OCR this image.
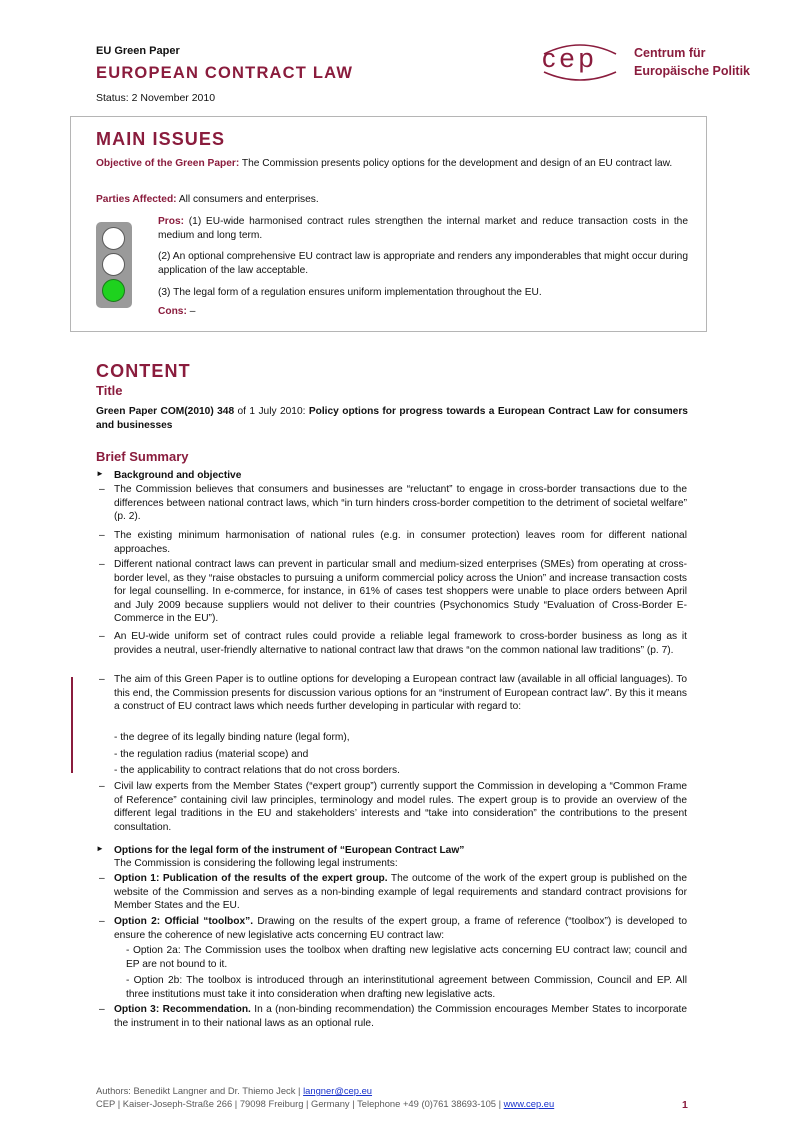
EU Green Paper
EUROPEAN CONTRACT LAW
Status: 2 November 2010
cep	Centrum für
Europäische Politik
MAIN ISSUES
Objective of the Green Paper: The Commission presents policy options for the development and design of an EU contract law.
Parties Affected: All consumers and enterprises.
Pros: (1) EU-wide harmonised contract rules strengthen the internal market and reduce transaction costs in the medium and long term.
(2) An optional comprehensive EU contract law is appropriate and renders any imponderables that might occur during application of the law acceptable.
(3) The legal form of a regulation ensures uniform implementation throughout the EU.
Cons: –
CONTENT
Title
Green Paper COM(2010) 348 of 1 July 2010: Policy options for progress towards a European Contract Law for consumers and businesses
Brief Summary
► Background and objective
– The Commission believes that consumers and businesses are “reluctant” to engage in cross-border transactions due to the differences between national contract laws, which “in turn hinders cross-border competition to the detriment of societal welfare” (p. 2).
– The existing minimum harmonisation of national rules (e.g. in consumer protection) leaves room for different national approaches.
– Different national contract laws can prevent in particular small and medium-sized enterprises (SMEs) from operating at cross-border level, as they “raise obstacles to pursuing a uniform commercial policy across the Union” and increase transaction costs for legal counselling. In e-commerce, for instance, in 61% of cases test shoppers were unable to place orders between April and July 2009 because suppliers would not deliver to their countries (Psychonomics Study “Evaluation of Cross-Border E-Commerce in the EU”).
– An EU-wide uniform set of contract rules could provide a reliable legal framework to cross-border business as long as it provides a neutral, user-friendly alternative to national contract law that draws “on the common national law traditions” (p. 7).
– The aim of this Green Paper is to outline options for developing a European contract law (available in all official languages). To this end, the Commission presents for discussion various options for an “instrument of European contract law”. By this it means a construct of EU contract laws which needs further developing in particular with regard to:
- the degree of its legally binding nature (legal form),
- the regulation radius (material scope) and
- the applicability to contract relations that do not cross borders.
– Civil law experts from the Member States (“expert group”) currently support the Commission in developing a “Common Frame of Reference” containing civil law principles, terminology and model rules. The expert group is to provide an overview of the different legal traditions in the EU and stakeholders’ interests and “take into consideration” the contributions to the present consultation.
► Options for the legal form of the instrument of “European Contract Law”
The Commission is considering the following legal instruments:
– Option 1: Publication of the results of the expert group. The outcome of the work of the expert group is published on the website of the Commission and serves as a non-binding example of legal requirements and standard contract provisions for Member States and the EU.
– Option 2: Official “toolbox”. Drawing on the results of the expert group, a frame of reference (“toolbox”) is developed to ensure the coherence of new legislative acts concerning EU contract law:
- Option 2a: The Commission uses the toolbox when drafting new legislative acts concerning EU contract law; council and EP are not bound to it.
- Option 2b: The toolbox is introduced through an interinstitutional agreement between Commission, Council and EP. All three institutions must take it into consideration when drafting new legislative acts.
– Option 3: Recommendation. In a (non-binding recommendation) the Commission encourages Member States to incorporate the instrument in to their national laws as an optional rule.
Authors: Benedikt Langner and Dr. Thiemo Jeck | langner@cep.eu
CEP | Kaiser-Joseph-Straße 266 | 79098 Freiburg | Germany | Telephone +49 (0)761 38693-105 | www.cep.eu	1
